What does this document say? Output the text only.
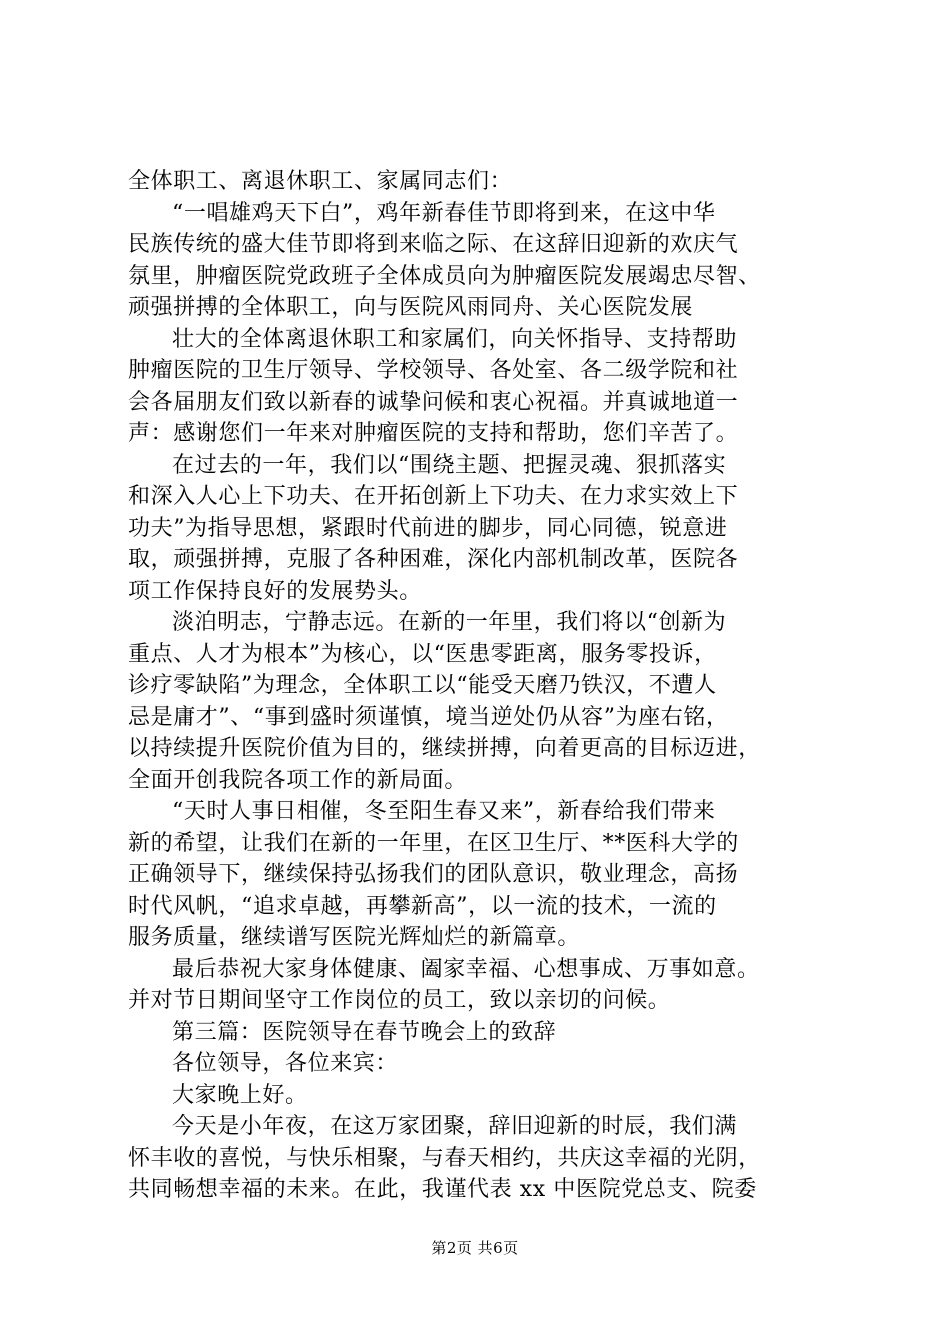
全体职工、离退休职工、家属同志们：
“一唱雄鸡天下白”，鸡年新春佳节即将到来，在这中华
民族传统的盛大佳节即将到来临之际、在这辞旧迎新的欢庆气
氛里，肿瘤医院党政班子全体成员向为肿瘤医院发展竭忠尽智、
顽强拼搏的全体职工，向与医院风雨同舟、关心医院发展
壮大的全体离退休职工和家属们，向关怀指导、支持帮助
肿瘤医院的卫生厅领导、学校领导、各处室、各二级学院和社
会各届朋友们致以新春的诚挚问候和衷心祝福。并真诚地道一
声：感谢您们一年来对肿瘤医院的支持和帮助，您们辛苦了。
在过去的一年，我们以“围绕主题、把握灵魂、狠抓落实
和深入人心上下功夫、在开拓创新上下功夫、在力求实效上下
功夫”为指导思想，紧跟时代前进的脚步，同心同德，锐意进
取，顽强拼搏，克服了各种困难，深化内部机制改革，医院各
项工作保持良好的发展势头。
淡泊明志，宁静志远。在新的一年里，我们将以“创新为
重点、人才为根本”为核心，以“医患零距离，服务零投诉，
诊疗零缺陷”为理念，全体职工以“能受天磨乃铁汉，不遭人
忌是庸才”、“事到盛时须谨慎，境当逆处仍从容”为座右铭，
以持续提升医院价值为目的，继续拼搏，向着更高的目标迈进，
全面开创我院各项工作的新局面。
“天时人事日相催，冬至阳生春又来”，新春给我们带来
新的希望，让我们在新的一年里，在区卫生厅、**医科大学的
正确领导下，继续保持弘扬我们的团队意识，敬业理念，高扬
时代风帆，“追求卓越，再攀新高”，以一流的技术，一流的
服务质量，继续谱写医院光辉灿烂的新篇章。
最后恭祝大家身体健康、阖家幸福、心想事成、万事如意。
并对节日期间坚守工作岗位的员工，致以亲切的问候。
第三篇：医院领导在春节晚会上的致辞
各位领导，各位来宾：
大家晚上好。
今天是小年夜，在这万家团聚，辞旧迎新的时辰，我们满
怀丰收的喜悦，与快乐相聚，与春天相约，共庆这幸福的光阴，
共同畅想幸福的未来。在此，我谨代表 xx 中医院党总支、院委
第2页 共6页
